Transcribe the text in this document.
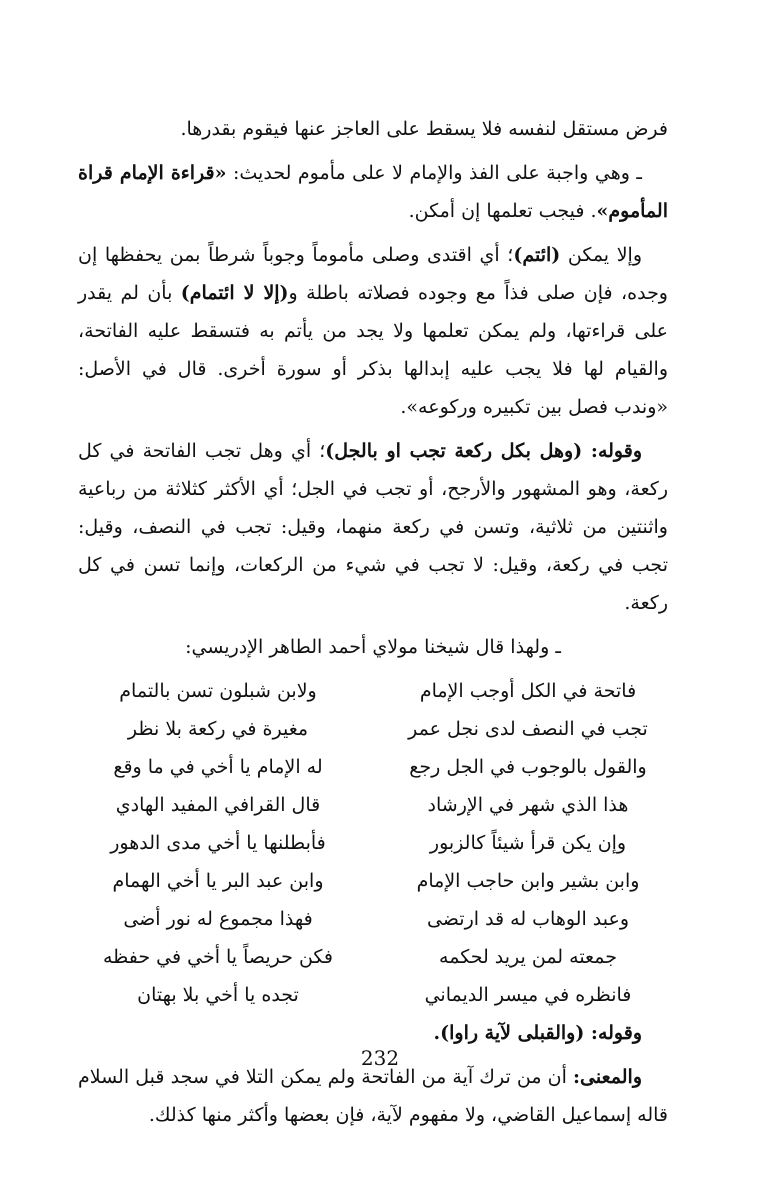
فرض مستقل لنفسه فلا يسقط على العاجز عنها فيقوم بقدرها.

ـ وهي واجبة على الفذ والإمام لا على مأموم لحديث: «قراءة الإمام قراة المأموم». فيجب تعلمها إن أمكن.

وإلا يمكن (ائتم)؛ أي اقتدى وصلى مأموماً وجوباً شرطاً بمن يحفظها إن وجده، فإن صلى فذاً مع وجوده فصلاته باطلة و(إلا لا ائتمام) بأن لم يقدر على قراءتها، ولم يمكن تعلمها ولا يجد من يأتم به فتسقط عليه الفاتحة، والقيام لها فلا يجب عليه إبدالها بذكر أو سورة أخرى. قال في الأصل: «وندب فصل بين تكبيره وركوعه».

وقوله: (وهل بكل ركعة تجب او بالجل)؛ أي وهل تجب الفاتحة في كل ركعة، وهو المشهور والأرجح، أو تجب في الجل؛ أي الأكثر كثلاثة من رباعية واثنتين من ثلاثية، وتسن في ركعة منهما، وقيل: تجب في النصف، وقيل: تجب في ركعة، وقيل: لا تجب في شيء من الركعات، وإنما تسن في كل ركعة.

ـ ولهذا قال شيخنا مولاي أحمد الطاهر الإدريسي:

فاتحة في الكل أوجب الإمام
ولابن شبلون تسن بالتمام
تجب في النصف لدى نجل عمر
مغيرة في ركعة بلا نظر
والقول بالوجوب في الجل رجع
له الإمام يا أخي في ما وقع
هذا الذي شهر في الإرشاد
قال القرافي المفيد الهادي
وإن يكن قرأ شيئاً كالزبور
فأبطلنها يا أخي مدى الدهور
وابن بشير وابن حاجب الإمام
وابن عبد البر يا أخي الهمام
وعبد الوهاب له قد ارتضى
فهذا مجموع له نور أضى
جمعته لمن يريد لحكمه
فكن حريصاً يا أخي في حفظه
فانظره في ميسر الديماني
تجده يا أخي بلا بهتان

وقوله: (والقبلى لآية راوا).

والمعنى: أن من ترك آية من الفاتحة ولم يمكن التلا في سجد قبل السلام قاله إسماعيل القاضي، ولا مفهوم لآية، فإن بعضها وأكثر منها كذلك.

232
